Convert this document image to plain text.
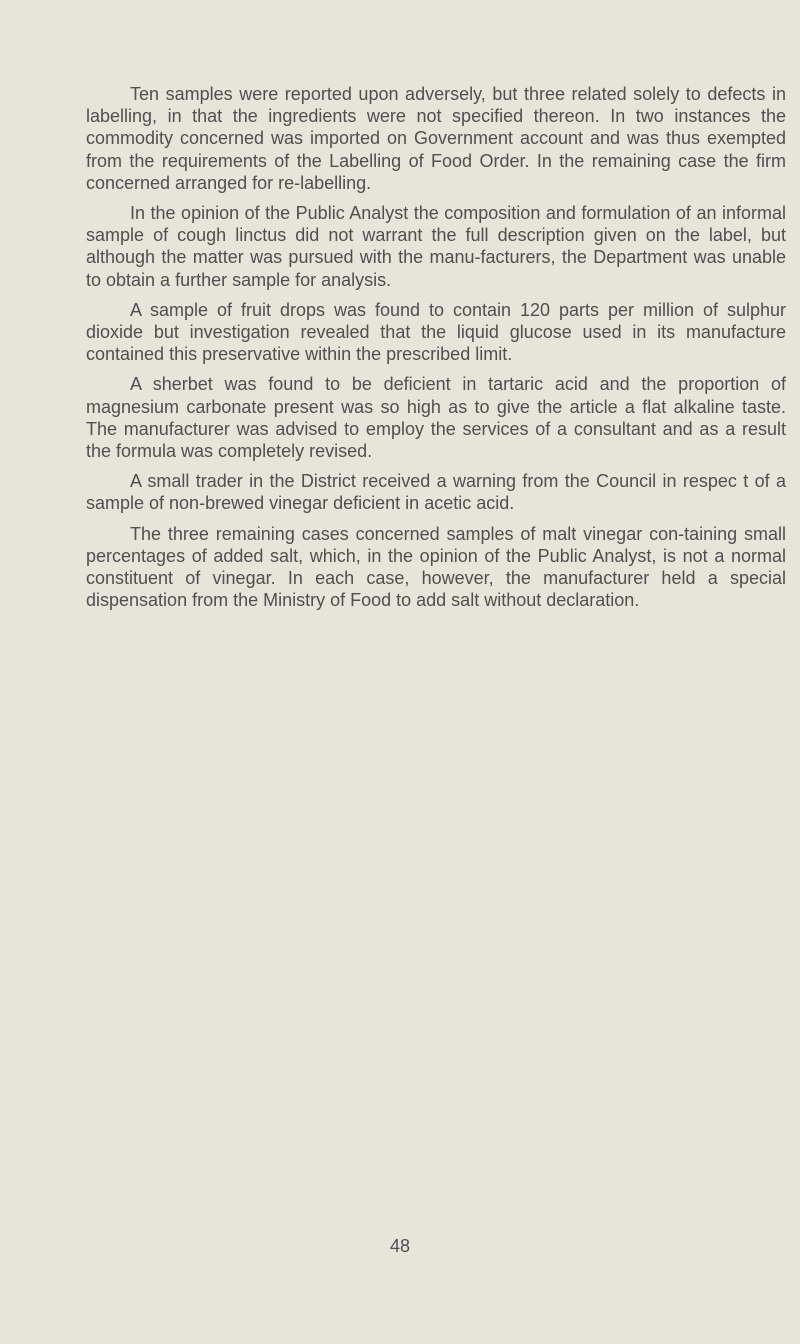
Ten samples were reported upon adversely, but three related solely to defects in labelling, in that the ingredients were not specified thereon. In two instances the commodity concerned was imported on Government account and was thus exempted from the requirements of the Labelling of Food Order. In the remaining case the firm concerned arranged for re-labelling.

In the opinion of the Public Analyst the composition and formulation of an informal sample of cough linctus did not warrant the full description given on the label, but although the matter was pursued with the manu-facturers, the Department was unable to obtain a further sample for analysis.

A sample of fruit drops was found to contain 120 parts per million of sulphur dioxide but investigation revealed that the liquid glucose used in its manufacture contained this preservative within the prescribed limit.

A sherbet was found to be deficient in tartaric acid and the proportion of magnesium carbonate present was so high as to give the article a flat alkaline taste. The manufacturer was advised to employ the services of a consultant and as a result the formula was completely revised.

A small trader in the District received a warning from the Council in respec t of a sample of non-brewed vinegar deficient in acetic acid.

The three remaining cases concerned samples of malt vinegar con-taining small percentages of added salt, which, in the opinion of the Public Analyst, is not a normal constituent of vinegar. In each case, however, the manufacturer held a special dispensation from the Ministry of Food to add salt without declaration.

48
